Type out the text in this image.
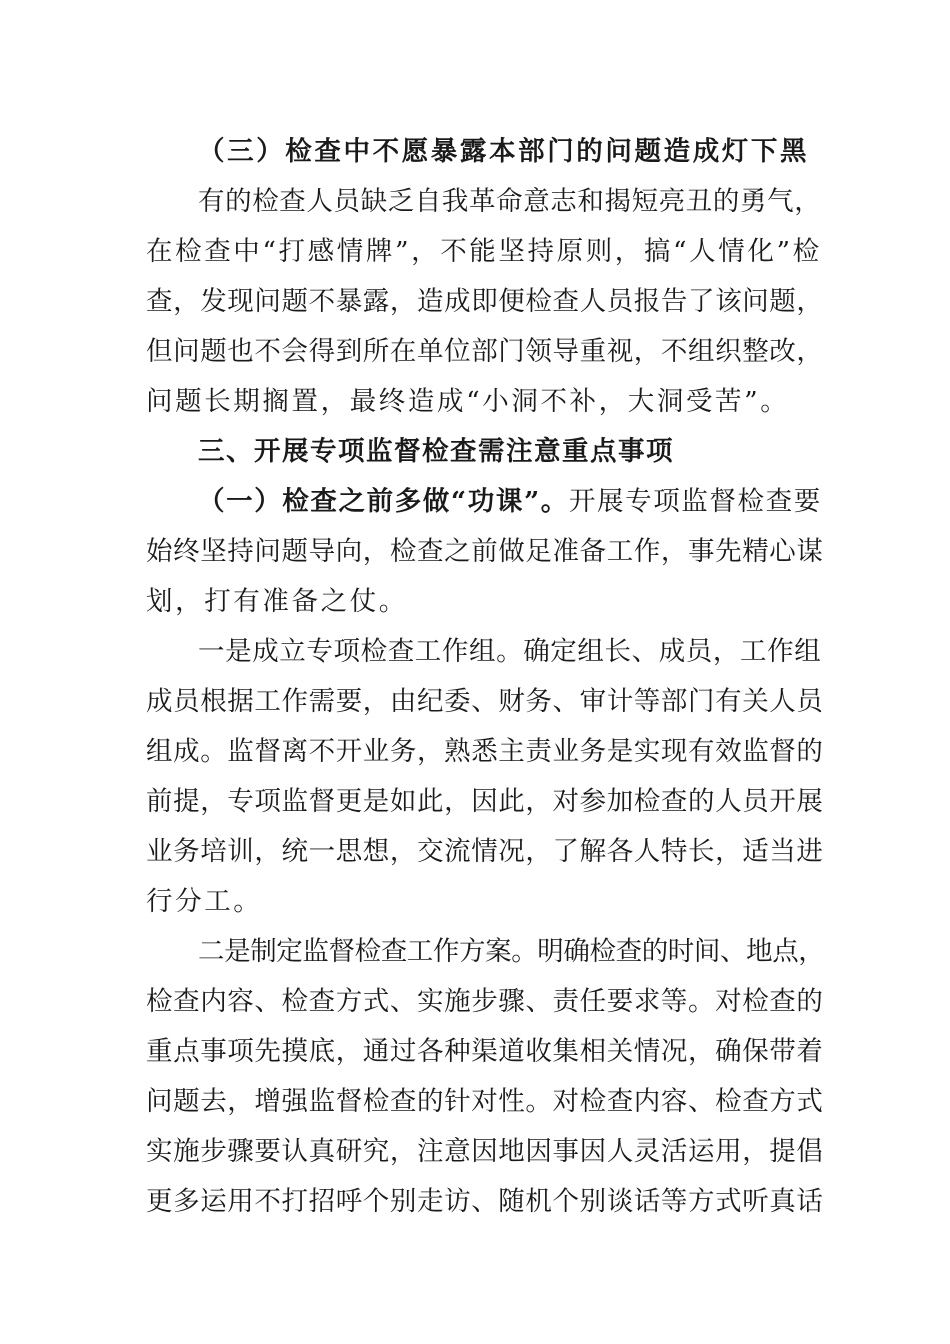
（三）检查中不愿暴露本部门的问题造成灯下黑
有的检查人员缺乏自我革命意志和揭短亮丑的勇气，
在检查中“打感情牌”，不能坚持原则，搞“人情化”检
查，发现问题不暴露，造成即便检查人员报告了该问题，
但问题也不会得到所在单位部门领导重视，不组织整改，
问题长期搁置，最终造成“小洞不补，大洞受苦”。
三、开展专项监督检查需注意重点事项
（一）检查之前多做“功课”。开展专项监督检查要
始终坚持问题导向，检查之前做足准备工作，事先精心谋
划，打有准备之仗。
一是成立专项检查工作组。确定组长、成员，工作组
成员根据工作需要，由纪委、财务、审计等部门有关人员
组成。监督离不开业务，熟悉主责业务是实现有效监督的
前提，专项监督更是如此，因此，对参加检查的人员开展
业务培训，统一思想，交流情况，了解各人特长，适当进
行分工。
二是制定监督检查工作方案。明确检查的时间、地点，
检查内容、检查方式、实施步骤、责任要求等。对检查的
重点事项先摸底，通过各种渠道收集相关情况，确保带着
问题去，增强监督检查的针对性。对检查内容、检查方式
实施步骤要认真研究，注意因地因事因人灵活运用，提倡
更多运用不打招呼个别走访、随机个别谈话等方式听真话
